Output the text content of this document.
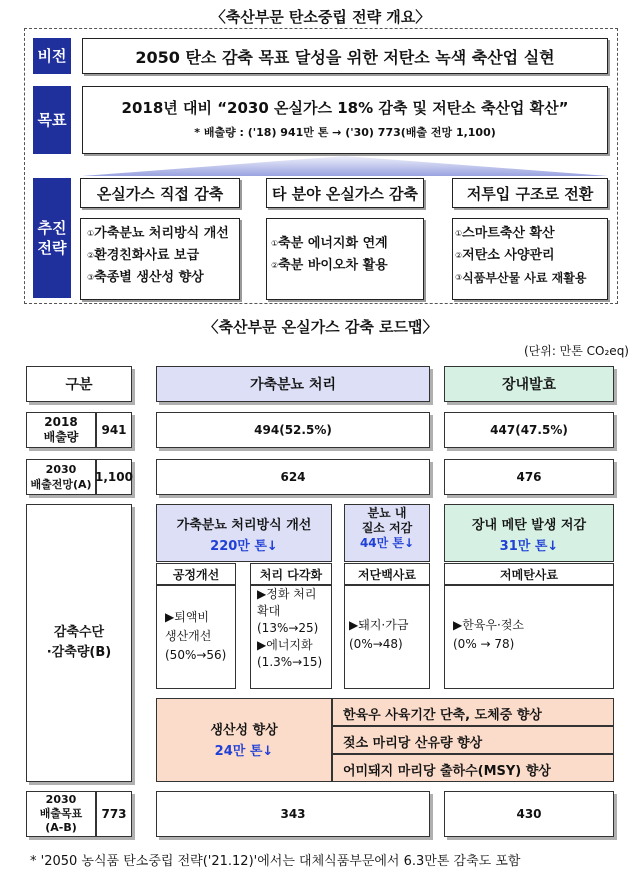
〈축산부문 탄소중립 전략 개요〉
비전	2050 탄소 감축 목표 달성을 위한 저탄소 녹색 축산업 실현
목표
2018년 대비 “2030 온실가스 18% 감축 및 저탄소 축산업 확산”
* 배출량 : ('18) 941만 톤 → ('30) 773(배출 전망 1,100)
추진
전략
온실가스 직접 감축
①가축분뇨 처리방식 개선
②환경친화사료 보급
③축종별 생산성 향상
타 분야 온실가스 감축
①축분 에너지화 연계
②축분 바이오차 활용
저투입 구조로 전환
①스마트축산 확산
②저탄소 사양관리
③식품부산물 사료 재활용
〈축산부문 온실가스 감축 로드맵〉
(단위: 만톤 CO₂eq)
구분	가축분뇨 처리	장내발효
2018
배출량	941	494(52.5%)	447(47.5%)
2030
배출전망(A)
1,100	624	476
감축수단
·감축량(B)
가축분뇨 처리방식 개선
220만 톤↓
분뇨 내
질소 저감
44만 톤↓
장내 메탄 발생 저감
31만 톤↓
공정개선	처리 다각화	저단백사료	저메탄사료
▶퇴액비
생산개선
(50%→56)
▶정화 처리
확대
(13%→25)
▶에너지화
(1.3%→15)
▶돼지·가금
(0%→48)
▶한육우·젖소
(0% → 78)
생산성 향상
24만 톤↓
한육우 사육기간 단축, 도체중 향상
젖소 마리당 산유량 향상
어미돼지 마리당 출하수(MSY) 향상
2030
배출목표
(A-B)
773	343	430
* '2050 농식품 탄소중립 전략('21.12)'에서는 대체식품부문에서 6.3만톤 감축도 포함
